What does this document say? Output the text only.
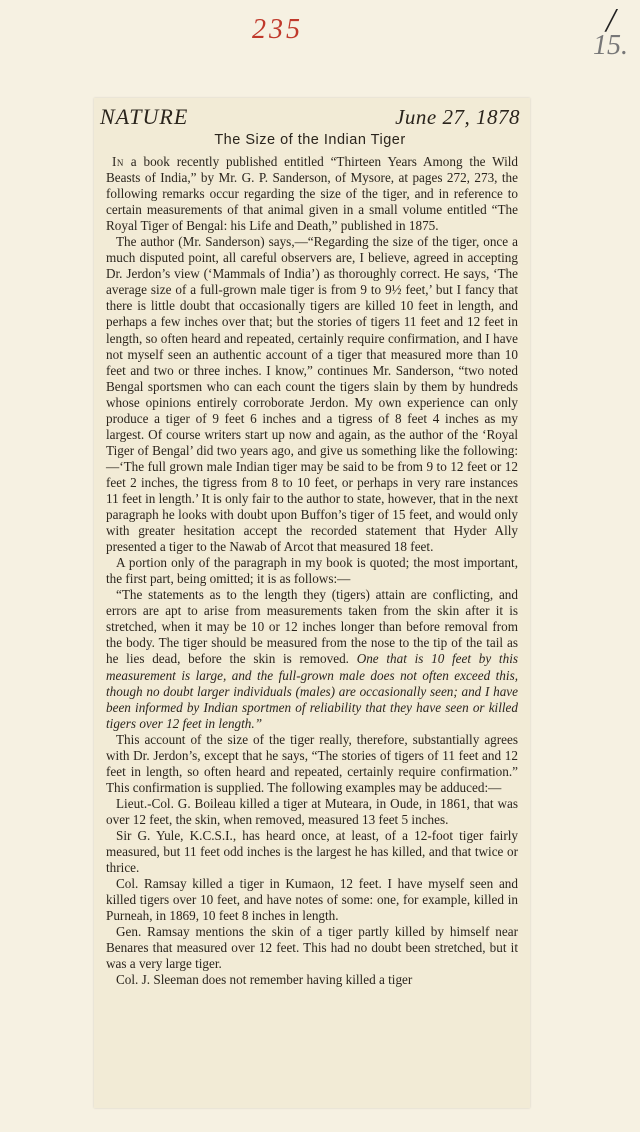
235	/
15.
NATURE	June 27, 1878
The Size of the Indian Tiger

In a book recently published entitled “Thirteen Years Among the Wild Beasts of India,” by Mr. G. P. Sanderson, of Mysore, at pages 272, 273, the following remarks occur regarding the size of the tiger, and in reference to certain measurements of that animal given in a small volume entitled “The Royal Tiger of Bengal: his Life and Death,” published in 1875.

The author (Mr. Sanderson) says,—“Regarding the size of the tiger, once a much disputed point, all careful observers are, I believe, agreed in accepting Dr. Jerdon’s view (‘Mammals of India’) as thoroughly correct. He says, ‘The average size of a full-grown male tiger is from 9 to 9½ feet,’ but I fancy that there is little doubt that occasionally tigers are killed 10 feet in length, and perhaps a few inches over that; but the stories of tigers 11 feet and 12 feet in length, so often heard and repeated, certainly require confirmation, and I have not myself seen an authentic account of a tiger that measured more than 10 feet and two or three inches. I know,” continues Mr. Sanderson, “two noted Bengal sportsmen who can each count the tigers slain by them by hundreds whose opinions entirely corroborate Jerdon. My own experience can only produce a tiger of 9 feet 6 inches and a tigress of 8 feet 4 inches as my largest. Of course writers start up now and again, as the author of the ‘Royal Tiger of Bengal’ did two years ago, and give us something like the following:—‘The full grown male Indian tiger may be said to be from 9 to 12 feet or 12 feet 2 inches, the tigress from 8 to 10 feet, or perhaps in very rare instances 11 feet in length.’ It is only fair to the author to state, however, that in the next paragraph he looks with doubt upon Buffon’s tiger of 15 feet, and would only with greater hesitation accept the recorded statement that Hyder Ally presented a tiger to the Nawab of Arcot that measured 18 feet.

A portion only of the paragraph in my book is quoted; the most important, the first part, being omitted; it is as follows:—

“The statements as to the length they (tigers) attain are conflicting, and errors are apt to arise from measurements taken from the skin after it is stretched, when it may be 10 or 12 inches longer than before removal from the body. The tiger should be measured from the nose to the tip of the tail as he lies dead, before the skin is removed. One that is 10 feet by this measurement is large, and the full-grown male does not often exceed this, though no doubt larger individuals (males) are occasionally seen; and I have been informed by Indian sportmen of reliability that they have seen or killed tigers over 12 feet in length.”

This account of the size of the tiger really, therefore, substantially agrees with Dr. Jerdon’s, except that he says, “The stories of tigers of 11 feet and 12 feet in length, so often heard and repeated, certainly require confirmation.” This confirmation is supplied. The following examples may be adduced:—

Lieut.-Col. G. Boileau killed a tiger at Muteara, in Oude, in 1861, that was over 12 feet, the skin, when removed, measured 13 feet 5 inches.

Sir G. Yule, K.C.S.I., has heard once, at least, of a 12-foot tiger fairly measured, but 11 feet odd inches is the largest he has killed, and that twice or thrice.

Col. Ramsay killed a tiger in Kumaon, 12 feet. I have myself seen and killed tigers over 10 feet, and have notes of some: one, for example, killed in Purneah, in 1869, 10 feet 8 inches in length.

Gen. Ramsay mentions the skin of a tiger partly killed by himself near Benares that measured over 12 feet. This had no doubt been stretched, but it was a very large tiger.

Col. J. Sleeman does not remember having killed a tiger
